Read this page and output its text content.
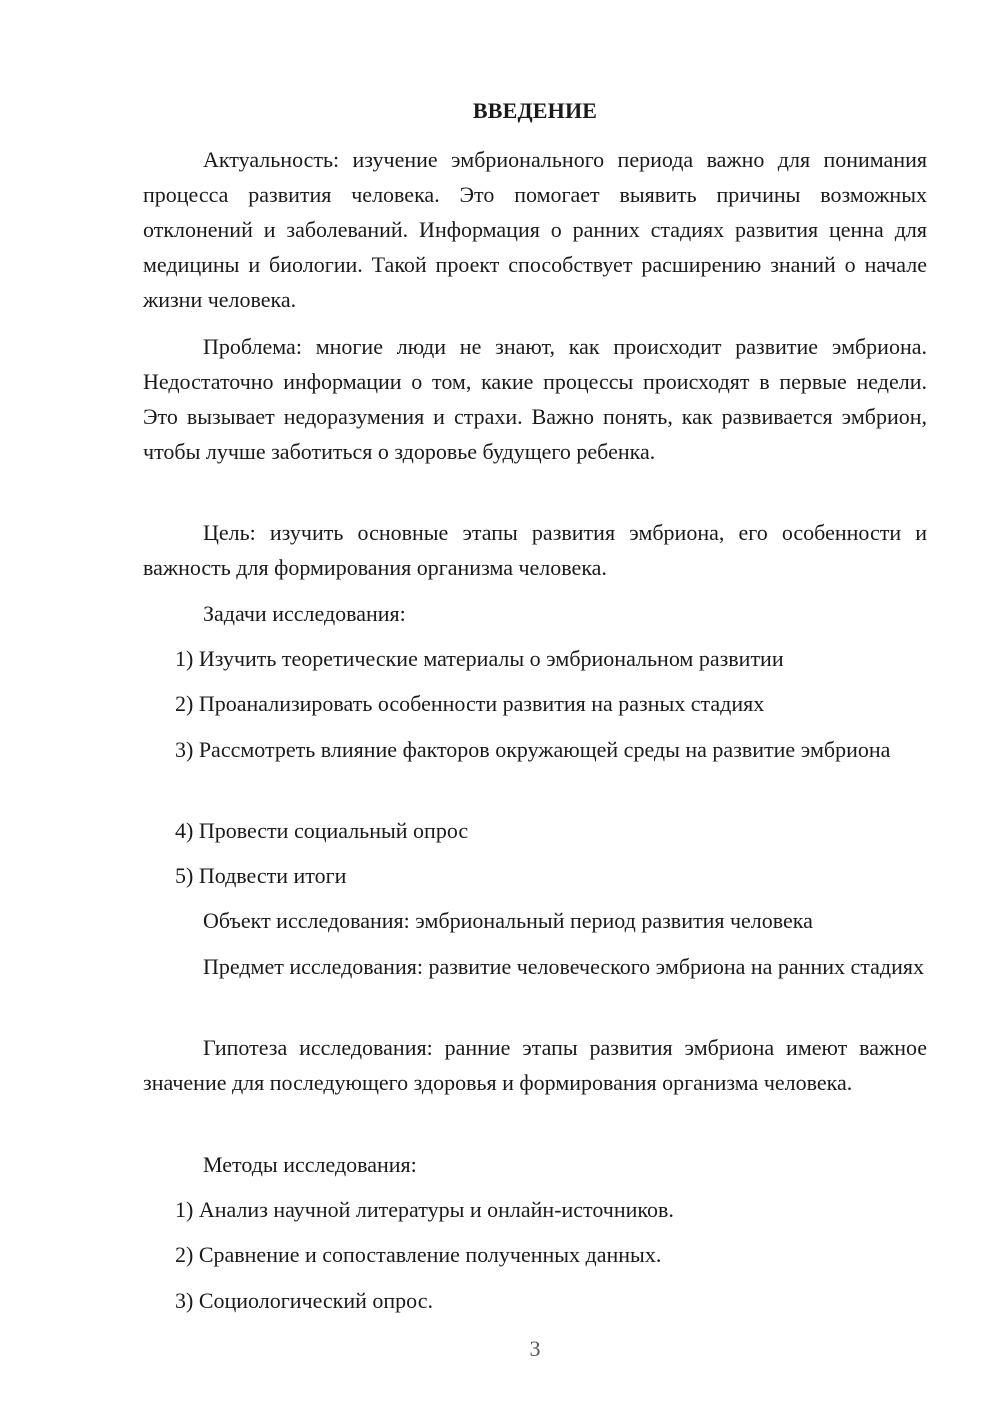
ВВЕДЕНИЕ

Актуальность: изучение эмбрионального периода важно для понимания процесса развития человека. Это помогает выявить причины возможных отклонений и заболеваний. Информация о ранних стадиях развития ценна для медицины и биологии. Такой проект способствует расширению знаний о начале жизни человека.

Проблема: многие люди не знают, как происходит развитие эмбриона. Недостаточно информации о том, какие процессы происходят в первые недели. Это вызывает недоразумения и страхи. Важно понять, как развивается эмбрион, чтобы лучше заботиться о здоровье будущего ребенка.

Цель: изучить основные этапы развития эмбриона, его особенности и важность для формирования организма человека.

Задачи исследования:

1) Изучить теоретические материалы о эмбриональном развитии

2) Проанализировать особенности развития на разных стадиях

3) Рассмотреть влияние факторов окружающей среды на развитие эмбриона

4) Провести социальный опрос

5) Подвести итоги

Объект исследования: эмбриональный период развития человека

Предмет исследования: развитие человеческого эмбриона на ранних стадиях

Гипотеза исследования: ранние этапы развития эмбриона имеют важное значение для последующего здоровья и формирования организма человека.

Методы исследования:

1) Анализ научной литературы и онлайн-источников.

2) Сравнение и сопоставление полученных данных.

3) Социологический опрос.

3
